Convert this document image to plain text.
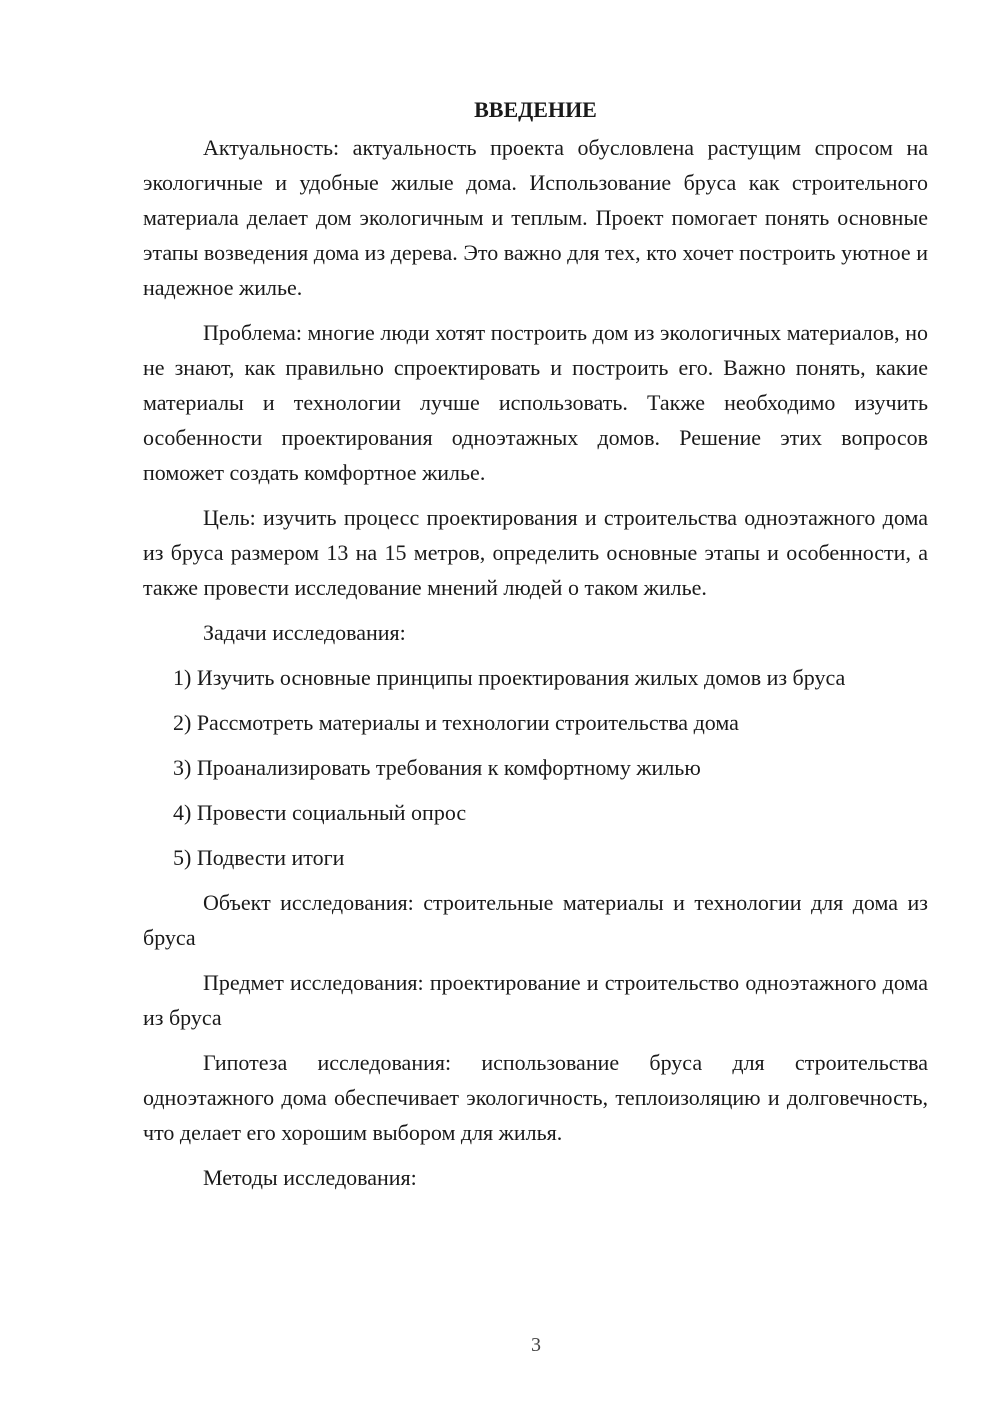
ВВЕДЕНИЕ

Актуальность: актуальность проекта обусловлена растущим спросом на экологичные и удобные жилые дома. Использование бруса как строительного материала делает дом экологичным и теплым. Проект помогает понять основные этапы возведения дома из дерева. Это важно для тех, кто хочет построить уютное и надежное жилье.

Проблема: многие люди хотят построить дом из экологичных материалов, но не знают, как правильно спроектировать и построить его. Важно понять, какие материалы и технологии лучше использовать. Также необходимо изучить особенности проектирования одноэтажных домов. Решение этих вопросов поможет создать комфортное жилье.

Цель: изучить процесс проектирования и строительства одноэтажного дома из бруса размером 13 на 15 метров, определить основные этапы и особенности, а также провести исследование мнений людей о таком жилье.

Задачи исследования:

1) Изучить основные принципы проектирования жилых домов из бруса

2) Рассмотреть материалы и технологии строительства дома

3) Проанализировать требования к комфортному жилью

4) Провести социальный опрос

5) Подвести итоги

Объект исследования: строительные материалы и технологии для дома из бруса

Предмет исследования: проектирование и строительство одноэтажного дома из бруса

Гипотеза исследования: использование бруса для строительства одноэтажного дома обеспечивает экологичность, теплоизоляцию и долговечность, что делает его хорошим выбором для жилья.

Методы исследования:

3
